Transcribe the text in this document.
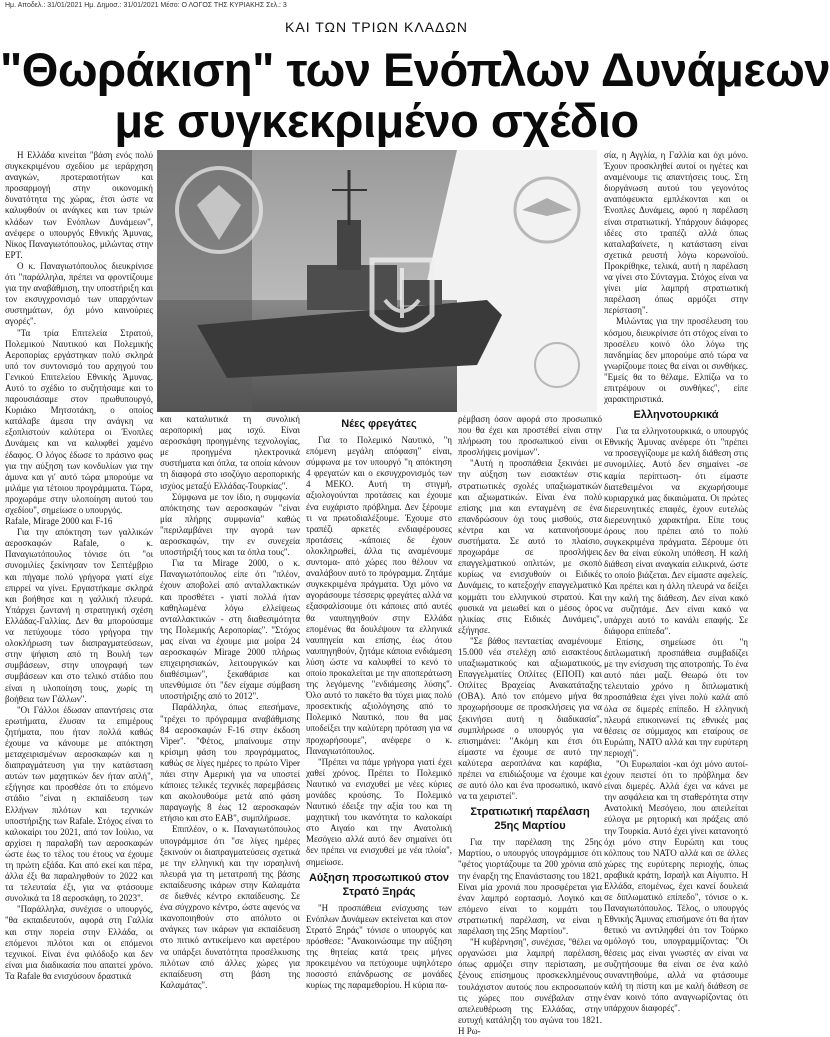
Ημ. Αποδελ.: 31/01/2021 Ημ. Δημοσ.: 31/01/2021 Μέσο: Ο ΛΟΓΟΣ ΤΗΣ ΚΥΡΙΑΚΗΣ Σελ.: 3
ΚΑΙ ΤΩΝ ΤΡΙΩΝ ΚΛΑΔΩΝ
"Θωράκιση" των Ενόπλων Δυνάμεων
με συγκεκριμένο σχέδιο

Η Ελλάδα κινείται "βάση ενός πολύ συγκεκριμένου σχεδίου με ιεράρχηση αναγκών, προτεραιοτήτων και προσαρμογή στην οικονομική δυνατότητα της χώρας, έτσι ώστε να καλυφθούν οι ανάγκες και των τριών κλάδων των Ενόπλων Δυνάμεων", ανέφερε ο υπουργός Εθνικής Άμυνας, Νίκος Παναγιωτόπουλος, μιλώντας στην ΕΡΤ.

Ο κ. Παναγιωτόπουλος διευκρίνισε ότι "παράλληλα, πρέπει να φροντίζουμε για την αναβάθμιση, την υποστήριξη και τον εκσυγχρονισμό των υπαρχόντων συστημάτων, όχι μόνο καινούριες αγορές".

"Τα τρία Επιτελεία Στρατού, Πολεμικού Ναυτικού και Πολεμικής Αεροπορίας εργάστηκαν πολύ σκληρά υπό τον συντονισμό του αρχηγού του Γενικού Επιτελείου Εθνικής Άμυνας. Αυτό το σχέδιο το συζητήσαμε και το παρουσιάσαμε στον πρωθυπουργό, Κυριάκο Μητσοτάκη, ο οποίος κατάλαβε άμεσα την ανάγκη να εξοπλιστούν καλύτερα οι Ένοπλες Δυνάμεις και να καλυφθεί χαμένο έδαφος. Ο λόγος έδωσε το πράσινο φως για την αύξηση των κονδυλίων για την άμυνα και γι' αυτό τώρα μπορούμε να μιλάμε για τέτοιου προγράμματα. Τώρα, προχωράμε στην υλοποίηση αυτού του σχεδίου", σημείωσε ο υπουργός.

Rafale, Mirage 2000 και F-16

Για την απόκτηση των γαλλικών αεροσκαφών Rafale, ο κ. Παναγιωτόπουλος τόνισε ότι "οι συνομιλίες ξεκίνησαν τον Σεπτέμβριο και πήγαμε πολύ γρήγορα γιατί είχε επιρρεί να γίνει. Εργαστήκαμε σκληρά και βοήθησε και η γαλλική πλευρά. Υπάρχει ζωντανή η στρατηγική σχέση Ελλάδας-Γαλλίας. Δεν θα μπορούσαμε να πετύχουμε τόσο γρήγορα την ολοκλήρωση των διαπραγματεύσεων, στην ψήφιση από τη Βουλή των συμβάσεων, στην υπογραφή των συμβάσεων και στο τελικό στάδιο που είναι η υλοποίηση τους, χωρίς τη βοήθεια των Γάλλων".

"Οι Γάλλοι έδωσαν απαντήσεις στα ερωτήματα, έλυσαν τα επιμέρους ζητήματα, που ήταν πολλά καθώς έχουμε να κάνουμε με απόκτηση μεταχειρισμένων αεροσκαφών και η διαπραγμάτευση για την κατάσταση αυτών των μαχητικών δεν ήταν απλή", εξήγησε και προσθέσε ότι το επόμενο στάδιο "είναι η εκπαίδευση των Ελλήνων πιλότων και τεχνικών υποστήριξης των Rafale. Στόχος είναι το καλοκαίρι του 2021, από τον Ιούλιο, να αρχίσει η παραλαβή των αεροσκαφών ώστε έως το τέλος του έτους να έχουμε τη πρώτη εξάδα. Και από εκεί και πέρα, άλλα έξι θα παραληφθούν το 2022 και τα τελευταία έξι, για να φτάσουμε συνολικά τα 18 αεροσκάφη, το 2023".

"Παράλληλα, συνέχισε ο υπουργός, "θα εκπαιδευτούν, αφορά στη Γαλλία και στην πορεία στην Ελλάδα, οι επόμενοι πιλότοι και οι επόμενοι τεχνικοί. Είναι ένα φιλόδοξο και δεν είναι μια διαδικασία που απαιτεί χρόνο. Τα Rafale θα ενισχύσουν δραστικά

και καταλυτικά τη συνολική αεροπορική μας ισχύ. Είναι αεροσκάφη προηγμένης τεχνολογίας, με προηγμένα ηλεκτρονικά συστήματα και όπλα, τα οποία κάνουν τη διαφορά στο ισοζύγιο αεροπορικής ισχύος μεταξύ Ελλάδας-Τουρκίας".

Σύμφωνα με τον ίδιο, η συμφωνία απόκτησης των αεροσκαφών "είναι μία πλήρης συμφωνία" καθώς "περιλαμβάνει την αγορά των αεροσκαφών, την εν συνεχεία υποστήριξή τους και τα όπλα τους".

Για τα Mirage 2000, ο κ. Παναγιωτόπουλος είπε ότι "πλέον, έχουν αποβολεί από ανταλλακτικών και προσθέτει - γιατί πολλά ήταν καθηλωμένα λόγω ελλείψεως ανταλλακτικών - στη διαθεσιμότητα της Πολεμικής Αεροπορίας". "Στόχος μας είναι να έχουμε μια μοίρα 24 αεροσκαφών Mirage 2000 πλήρως επιχειρησιακών, λειτουργικών και διαθέσιμων", ξεκαθάρισε και υπενθύμισε ότι "δεν είχαμε σύμβαση υποστήριξης από το 2012".

Παράλληλα, όπως επεσήμανε, "τρέχει το πρόγραμμα αναβάθμισης 84 αεροσκαφών F-16 στην έκδοση Viper". "Φέτος, μπαίνουμε στην κρίσιμη φάση του προγράμματος, καθώς σε λίγες ημέρες το πρώτο Viper πάει στην Αμερική για να υποστεί κάποιες τελικές τεχνικές παρεμβάσεις και ακολουθούμε μετά από φάση παραγωγής 8 έως 12 αεροσκαφών ετήσιο και στο ΕΑΒ", συμπλήρωσε.

Επιπλέον, ο κ. Παναγιωτόπουλος υπογράμμισε ότι "σε λίγες ημέρες ξεκινούν οι διαπραγματεύσεις σχετικά με την ελληνική και την ισραηλινή πλευρά για τη μετατροπή της βάσης εκπαίδευσης ικάρων στην Καλαμάτα σε διεθνές κέντρο εκπαίδευσης. Σε ένα σύγχρονο κέντρο, ώστε αφενός να ικανοποιηθούν στο απόλυτο οι ανάγκες των ικάρων για εκπαίδευση στο πιτικό αντικείμενο και αφετέρου να υπάρξει δυνατότητα προσέλκυσης πιλότων από άλλες χώρες για εκπαίδευση στη βάση της Καλαμάτας".

Νέες φρεγάτες

Για το Πολεμικό Ναυτικό, "η επόμενη μεγάλη απόφαση" είναι, σύμφωνα με τον υπουργό "η απόκτηση 4 φρεγατών και ο εκσυγχρονισμός των 4 ΜΕΚΟ. Αυτή τη στιγμή, αξιολογούνται προτάσεις και έχουμε ένα ευχάριστο πρόβλημα. Δεν ξέρουμε τι να πρωτοδιαλέξουμε. Έχουμε στο τραπέζι αρκετές ενδιαφέρουσες προτάσεις -κάποιες δε έχουν ολοκληρωθεί, άλλα τις αναμένουμε συντομα- από χώρες που θέλουν να αναλάβουν αυτό το πρόγραμμα. Ζητάμε συγκεκριμένα πράγματα. Όχι μόνο να αγοράσουμε τέσσερις φρεγάτες αλλά να εξασφαλίσουμε ότι κάποιες από αυτές θα ναυπηγηθούν στην Ελλάδα επομένως θα δουλέψουν τα ελληνικά ναυπηγεία και επίσης, έως ότου ναυπηγηθούν, ζητάμε κάποια ενδιάμεση λύση ώστε να καλυφθεί το κενό το οποίο προκαλείται με την αποπεράτωση της λεγόμενης "ενδιάμεσης λύσης". Όλο αυτό το πακέτο θα τύχει μιας πολύ προσεκτικής αξιολόγησης από το Πολεμικό Ναυτικό, που θα μας υποδείξει την καλύτερη πρόταση για να προχωρήσουμε", ανέφερε ο κ. Παναγιωτόπουλος.

"Πρέπει να πάμε γρήγορα γιατί έχει χαθεί χρόνος. Πρέπει το Πολεμικό Ναυτικό να ενισχυθεί με νέες κύριες μονάδες κρούσης. Το Πολεμικό Ναυτικό έδειξε την αξία του και τη μαχητική του ικανότητα το καλοκαίρι στο Αιγαίο και την Ανατολική Μεσόγειο αλλά αυτό δεν σημαίνει ότι δεν πρέπει να ενισχυθεί με νέα πλοία", σημείωσε.

Αύξηση προσωπικού στον Στρατό Ξηράς

"Η προσπάθεια ενίσχυσης των Ενόπλων Δυνάμεων εκτείνεται και στον Στρατό Ξηράς" τόνισε ο υπουργός και πρόσθεσε: "Ανακοινώσαμε την αύξηση της θητείας κατά τρεις μήνες προκειμένου να πετύχουμε υψηλότερο ποσοστό επάνδρωσης σε μονάδες κυρίως της παραμεθορίου. Η κύρια πα-

ρέμβαση όσον αφορά στο προσωπικό που θα έχει και προστέθεί είναι στην πλήρωση του προσωπικού είναι οι προσλήψεις μονίμων".

"Αυτή η προσπάθεια ξεκινάει με την αύξηση των εισακτέων στις στρατιωτικές σχολές υπαξιωματικών και αξιωματικών. Είναι ένα πολύ επίσης μια και ενταγμένη σε ένα επανδρώσουν όχι τους μισθούς, στα κέντρα και να κατανοήσουμε συστήματα. Σε αυτό το πλαίσιο, προχωράμε σε προσλήψεις επαγγελματικού οπλιτών, με σκοπό κυρίως να ενισχυθούν οι Ειδικές Δυνάμεις, το κατεξοχήν επαγγελματικό κομμάτι του ελληνικού στρατού. Και φυσικά να μειωθεί και ο μέσος όρος ηλικίας στις Ειδικές Δυνάμεις", εξήγησε.

"Σε βάθος πενταετίας αναμένουμε 15.000 νέα στελέχη από εισακτέους υπαξιωματικούς και αξιωματικούς, Επαγγελματίες Οπλίτες (ΕΠΟΠ) και Οπλίτες Βραχείας Ανακατάταξης (ΟΒΑ). Από τον επόμενο μήνα θα προχωρήσουμε σε προσκλήσεις για να ξεκινήσει αυτή η διαδικασία", συμπλήρωσε ο υπουργός για να επισημάνει: "Ακόμη και έτσι ότι είμαστε να έχουμε σε αυτό την καλύτερα αεροπλάνα και καράβια, πρέπει να επιδιώξουμε να έχουμε και σε αυτό όλο και ένα προσωπικό, ικανό να τα χειριστεί".

Στρατιωτική παρέλαση 25ης Μαρτίου

Για την παρέλαση της 25ης Μαρτίου, ο υπουργός υπογράμμισε ότι "φέτος γιορτάζουμε τα 200 χρόνια από την έναρξη της Επανάστασης του 1821. Είναι μία χρονιά που προσφέρεται για έναν λαμπρό εορτασμό. Λογικό και επόμενο είναι το κομμάτι του στρατιωτική παρέλαση, να είναι η παρέλαση της 25ης Μαρτίου".

"Η κυβέρνηση", συνέχισε, "θέλει να οργανώσει μια λαμπρή παρέλαση, όπως αρμόζει στην περίσταση, με ξένους επίσημους προσκεκλημένους τουλάχιστον αυτούς που εκπροσωπούν τις χώρες που συνέβαλαν στην απελευθέρωση της Ελλάδας, στην ευτυχή κατάληξη του αγώνα του 1821. Η Ρω-

σία, η Αγγλία, η Γαλλία και όχι μόνο. Έχουν προσκληθεί αυτοί οι ηγέτες και αναμένουμε τις απαντήσεις τους. Στη διοργάνωση αυτού του γεγονότος αναπόφευκτα εμπλέκονται και οι Ένοπλες Δυνάμεις, αφού η παρέλαση είναι στρατιωτική. Υπάρχουν διάφορες ιδέες στο τραπέζι αλλά όπως καταλαβαίνετε, η κατάσταση είναι σχετικά ρευστή λόγω κορωνοϊού. Προκρίθηκε, τελικά, αυτή η παρέλαση να γίνει στο Σύνταγμα. Στόχος είναι να γίνει μία λαμπρή στρατιωτική παρέλαση όπως αρμόζει στην περίσταση".

Μιλώντας για την προσέλευση του κόσμου, διευκρίνισε ότι στόχος είναι το προσέλευ κοινό όλο λόγω της πανδημίας δεν μπορούμε από τώρα να γνωρίζουμε ποιες θα είναι οι συνθήκες. "Εμείς θα το θέλαμε. Ελπίζω να το επιτρέψουν οι συνθήκες", είπε χαρακτηριστικά.

Ελληνοτουρκικά

Για τα ελληνοτουρκικά, ο υπουργός Εθνικής Άμυνας ανέφερε ότι "πρέπει να προσεγγίζουμε με καλή διάθεση στις συνομιλίες. Αυτό δεν σημαίνει -σε καμία περίπτωση- ότι είμαστε διατεθειμένοι να εκχωρήσουμε κυριαρχικά μας δικαιώματα. Οι πρώτες διερευνητικές επαφές, έχουν ευτελώς διερευνητικό χαρακτήρα. Είπε τους όρους που πρέπει από το πολύ συγκεκριμένα πράγματα. Ξέρουμε ότι δεν θα είναι εύκολη υπόθεση. Η καλή διάθεση είναι αναγκαία ειλικρινά, ώστε το οποίο βιάζεται. Δεν είμαστε αφελείς. Και πρέπει και η άλλη πλευρά να δείξει την καλή της διάθεση. Δεν είναι κακό να συζητάμε. Δεν είναι κακό να υπάρχει αυτό το κανάλι επαφής. Σε διάφορα επίπεδα".

Επίσης, σημείωσε ότι "η διπλωματική προσπάθεια συμβαδίζει με την ενίσχυση της αποτροπής. Το ένα αυτό πάει μαζί. Θεωρώ ότι τον τελευταίο χρόνο η διπλωματική προσπάθεια έχει γίνει πολύ καλά από όλα σε διμερές επίπεδο. Η ελληνική πλευρά επικοινωνεί τις εθνικές μας θέσεις σε σύμμαχος και εταίρους σε Ευρώπη, ΝΑΤΟ αλλά και την ευρύτερη περιοχή".

"Οι Ευρωπαίοι -και όχι μόνο αυτοί- έχουν πειστεί ότι το πρόβλημα δεν είναι διμερές. Αλλά έχει να κάνει με την ασφάλεια και τη σταθερότητα στην Ανατολική Μεσόγειο, που απειλείται εύλογα με ρητορική και πράξεις από την Τουρκία. Αυτό έχει γίνει κατανοητό όχι μόνο στην Ευρώπη και τους κόλπους του ΝΑΤΟ αλλά και σε άλλες χώρες της ευρύτερης περιοχής, όπως αραβικά κράτη, Ισραήλ και Αίγυπτο. Η Ελλάδα, επομένως, έχει κανεί δουλειά σε διπλωματικό επίπεδο", τόνισε ο κ. Παναγιωτόπουλος. Τέλος, ο υπουργός Εθνικής Άμυνας επισήμανε ότι θα ήταν θετικό να αντιληφθεί ότι τον Τούρκο ομόλογό του, υπογραμμίζοντας: "Οι θέσεις μας είναι γνωστές αν είναι να συζητήσουμε θα είναι σε ένα καλό συναντηθούμε, αλλά να φτάσουμε καλή τη πίστη και με καλή διάθεση σε έναν κοινό τόπο αναγνωρίζοντας ότι υπάρχουν διαφορές".
